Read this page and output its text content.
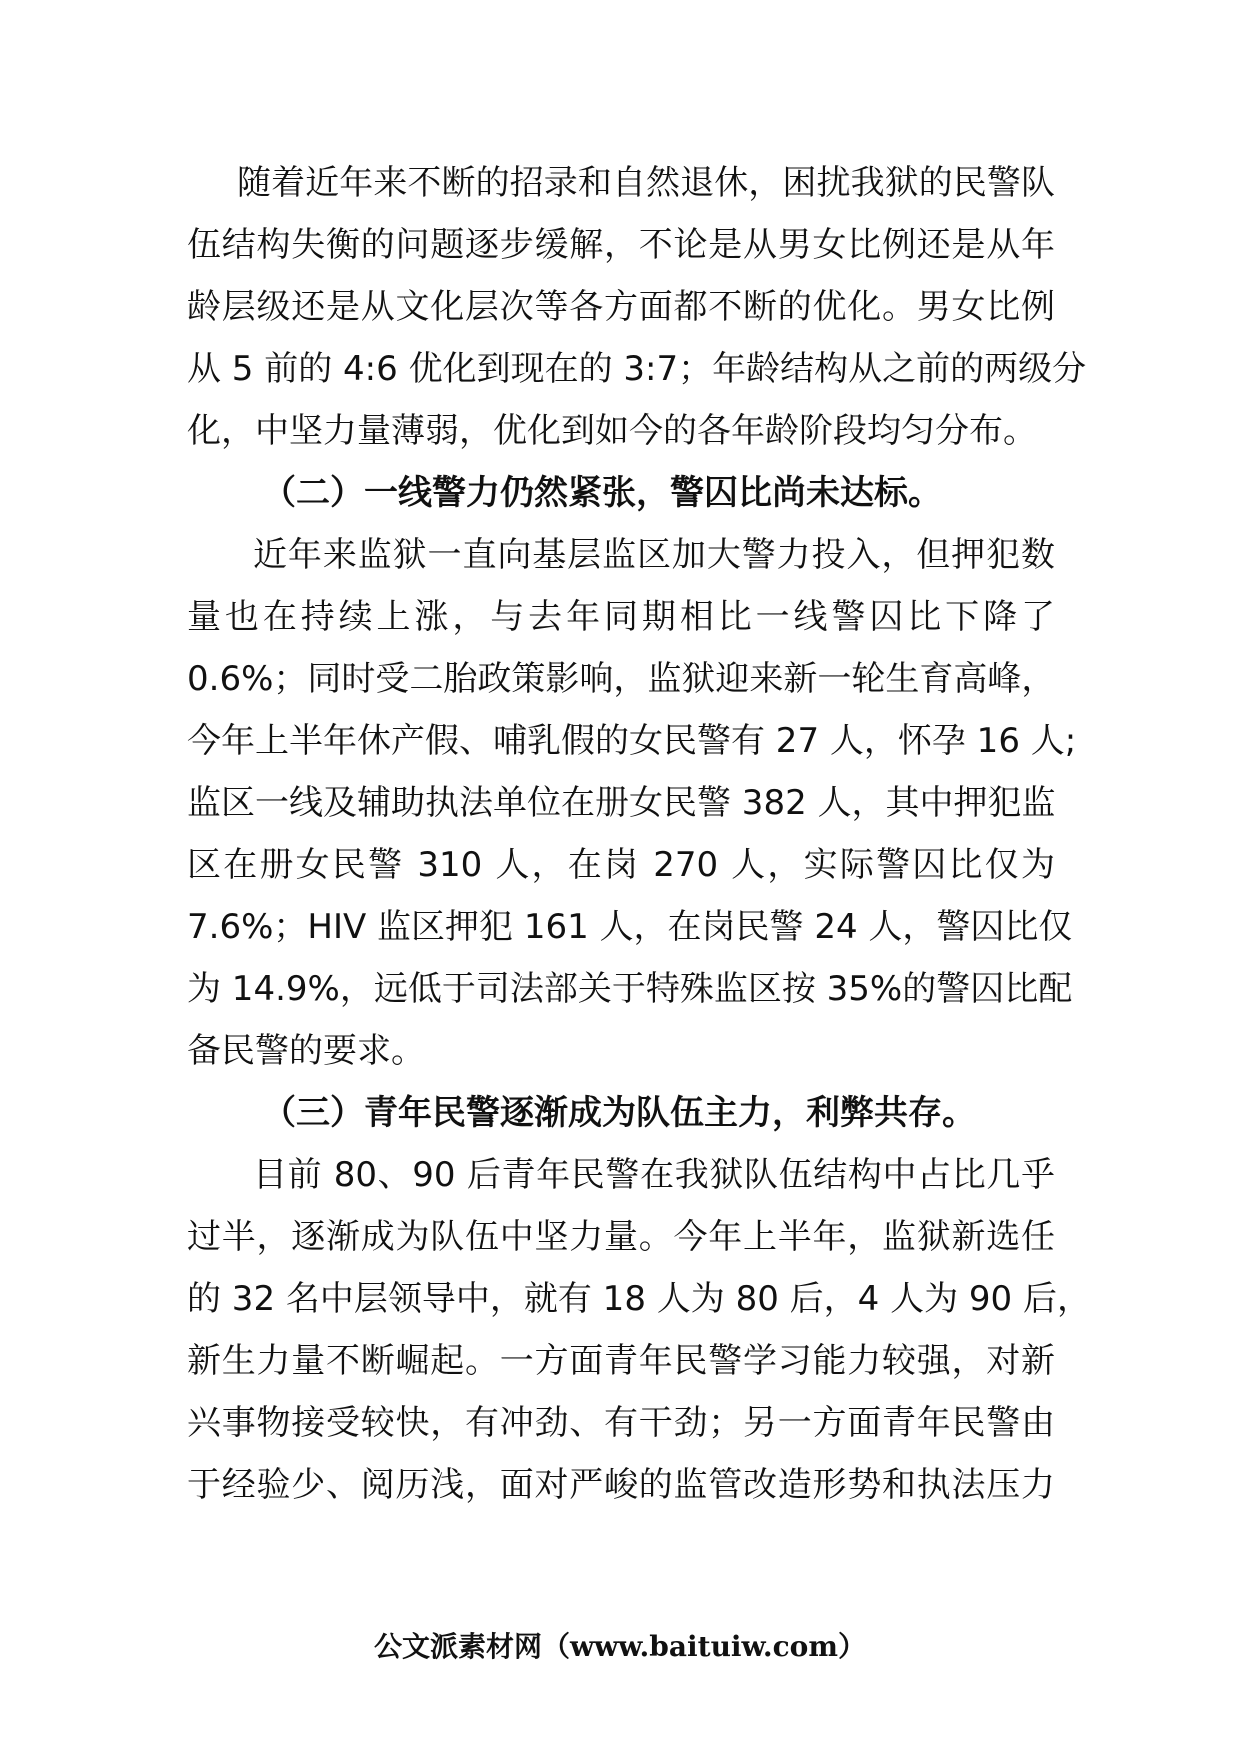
随着近年来不断的招录和自然退休，困扰我狱的民警队
伍结构失衡的问题逐步缓解，不论是从男女比例还是从年
龄层级还是从文化层次等各方面都不断的优化。男女比例
从 5 前的 4:6 优化到现在的 3:7；年龄结构从之前的两级分
化，中坚力量薄弱，优化到如今的各年龄阶段均匀分布。
（二）一线警力仍然紧张，警囚比尚未达标。
近年来监狱一直向基层监区加大警力投入，但押犯数
量也在持续上涨，与去年同期相比一线警囚比下降了
0.6%；同时受二胎政策影响，监狱迎来新一轮生育高峰，
今年上半年休产假、哺乳假的女民警有 27 人，怀孕 16 人;
监区一线及辅助执法单位在册女民警 382 人，其中押犯监
区在册女民警 310 人，在岗 270 人，实际警囚比仅为
7.6%；HIV 监区押犯 161 人，在岗民警 24 人，警囚比仅
为 14.9%，远低于司法部关于特殊监区按 35%的警囚比配
备民警的要求。
（三）青年民警逐渐成为队伍主力，利弊共存。
目前 80、90 后青年民警在我狱队伍结构中占比几乎
过半，逐渐成为队伍中坚力量。今年上半年，监狱新选任
的 32 名中层领导中，就有 18 人为 80 后，4 人为 90 后，
新生力量不断崛起。一方面青年民警学习能力较强，对新
兴事物接受较快，有冲劲、有干劲；另一方面青年民警由
于经验少、阅历浅，面对严峻的监管改造形势和执法压力
公文派素材网（www.baituiw.com）
